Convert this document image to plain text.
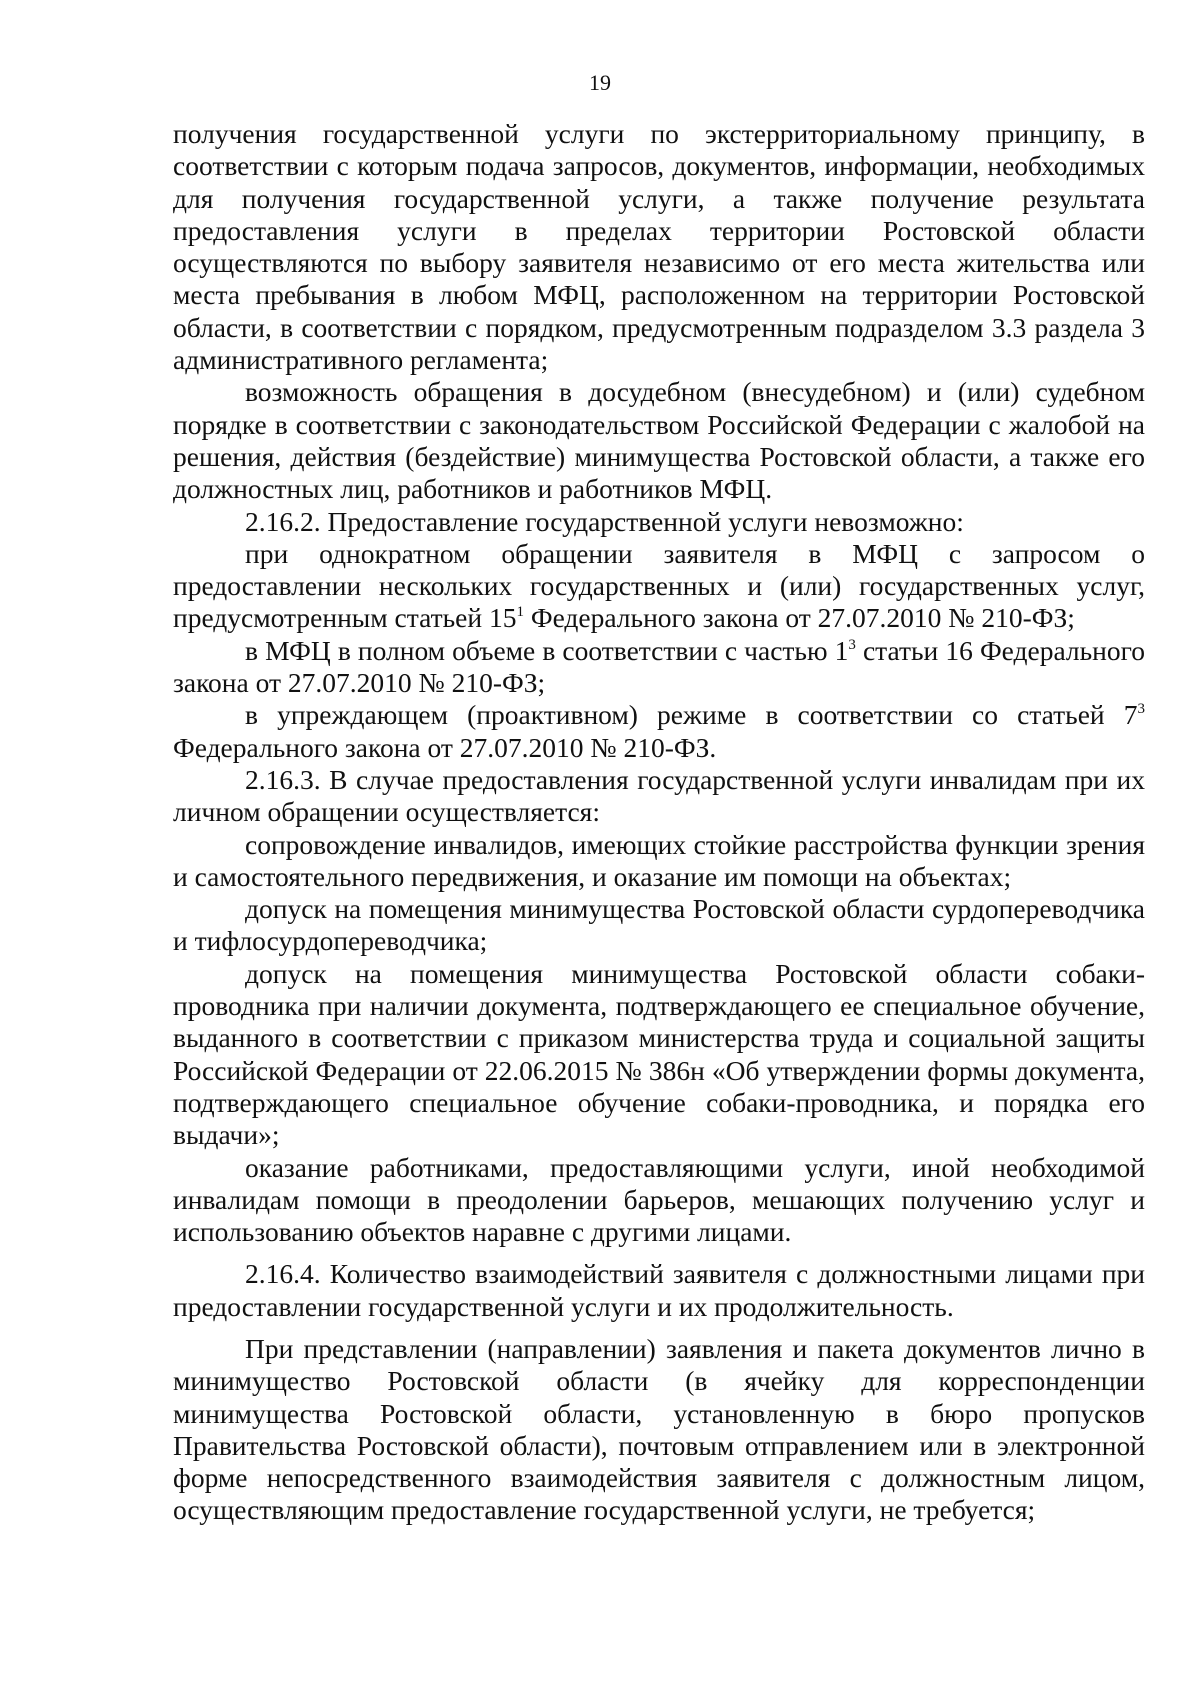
19

получения государственной услуги по экстерриториальному принципу, в соответствии с которым подача запросов, документов, информации, необходимых для получения государственной услуги, а также получение результата предоставления услуги в пределах территории Ростовской области осуществляются по выбору заявителя независимо от его места жительства или места пребывания в любом МФЦ, расположенном на территории Ростовской области, в соответствии с порядком, предусмотренным подразделом 3.3 раздела 3 административного регламента;

возможность обращения в досудебном (внесудебном) и (или) судебном порядке в соответствии с законодательством Российской Федерации с жалобой на решения, действия (бездействие) минимущества Ростовской области, а также его должностных лиц, работников и работников МФЦ.

2.16.2. Предоставление государственной услуги невозможно:

при однократном обращении заявителя в МФЦ с запросом о предоставлении нескольких государственных и (или) государственных услуг, предусмотренным статьей $15^1$ Федерального закона от 27.07.2010 № 210-ФЗ;

в МФЦ в полном объеме в соответствии с частью $1^3$ статьи 16 Федерального закона от 27.07.2010 № 210-ФЗ;

в упреждающем (проактивном) режиме в соответствии со статьей $7^3$ Федерального закона от 27.07.2010 № 210-ФЗ.

2.16.3. В случае предоставления государственной услуги инвалидам при их личном обращении осуществляется:

сопровождение инвалидов, имеющих стойкие расстройства функции зрения и самостоятельного передвижения, и оказание им помощи на объектах;

допуск на помещения минимущества Ростовской области сурдопереводчика и тифлосурдопереводчика;

допуск на помещения минимущества Ростовской области собаки-проводника при наличии документа, подтверждающего ее специальное обучение, выданного в соответствии с приказом министерства труда и социальной защиты Российской Федерации от 22.06.2015 № 386н «Об утверждении формы документа, подтверждающего специальное обучение собаки-проводника, и порядка его выдачи»;

оказание работниками, предоставляющими услуги, иной необходимой инвалидам помощи в преодолении барьеров, мешающих получению услуг и использованию объектов наравне с другими лицами.

2.16.4. Количество взаимодействий заявителя с должностными лицами при предоставлении государственной услуги и их продолжительность.

При представлении (направлении) заявления и пакета документов лично в минимущество Ростовской области (в ячейку для корреспонденции минимущества Ростовской области, установленную в бюро пропусков Правительства Ростовской области), почтовым отправлением или в электронной форме непосредственного взаимодействия заявителя с должностным лицом, осуществляющим предоставление государственной услуги, не требуется;
